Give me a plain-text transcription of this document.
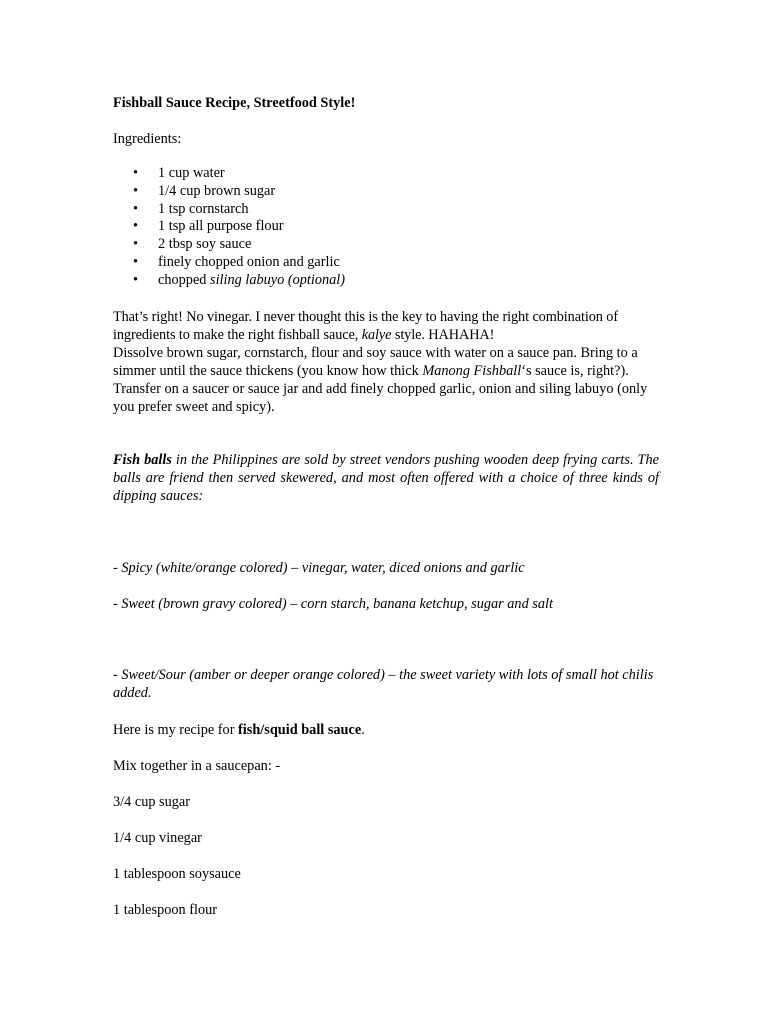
Fishball Sauce Recipe, Streetfood Style!

Ingredients:

• 1 cup water
• 1/4 cup brown sugar
• 1 tsp cornstarch
• 1 tsp all purpose flour
• 2 tbsp soy sauce
• finely chopped onion and garlic
• chopped siling labuyo (optional)

That’s right! No vinegar. I never thought this is the key to having the right combination of ingredients to make the right fishball sauce, kalye style. HAHAHA!

Dissolve brown sugar, cornstarch, flour and soy sauce with water on a sauce pan. Bring to a simmer until the sauce thickens (you know how thick Manong Fishball‘s sauce is, right?). Transfer on a saucer or sauce jar and add finely chopped garlic, onion and siling labuyo (only you prefer sweet and spicy).

Fish balls in the Philippines are sold by street vendors pushing wooden deep frying carts. The balls are friend then served skewered, and most often offered with a choice of three kinds of dipping sauces:

- Spicy (white/orange colored) – vinegar, water, diced onions and garlic

- Sweet (brown gravy colored) – corn starch, banana ketchup, sugar and salt

- Sweet/Sour (amber or deeper orange colored) – the sweet variety with lots of small hot chilis added.

Here is my recipe for fish/squid ball sauce.

Mix together in a saucepan: -

3/4 cup sugar

1/4 cup vinegar

1 tablespoon soysauce

1 tablespoon flour
